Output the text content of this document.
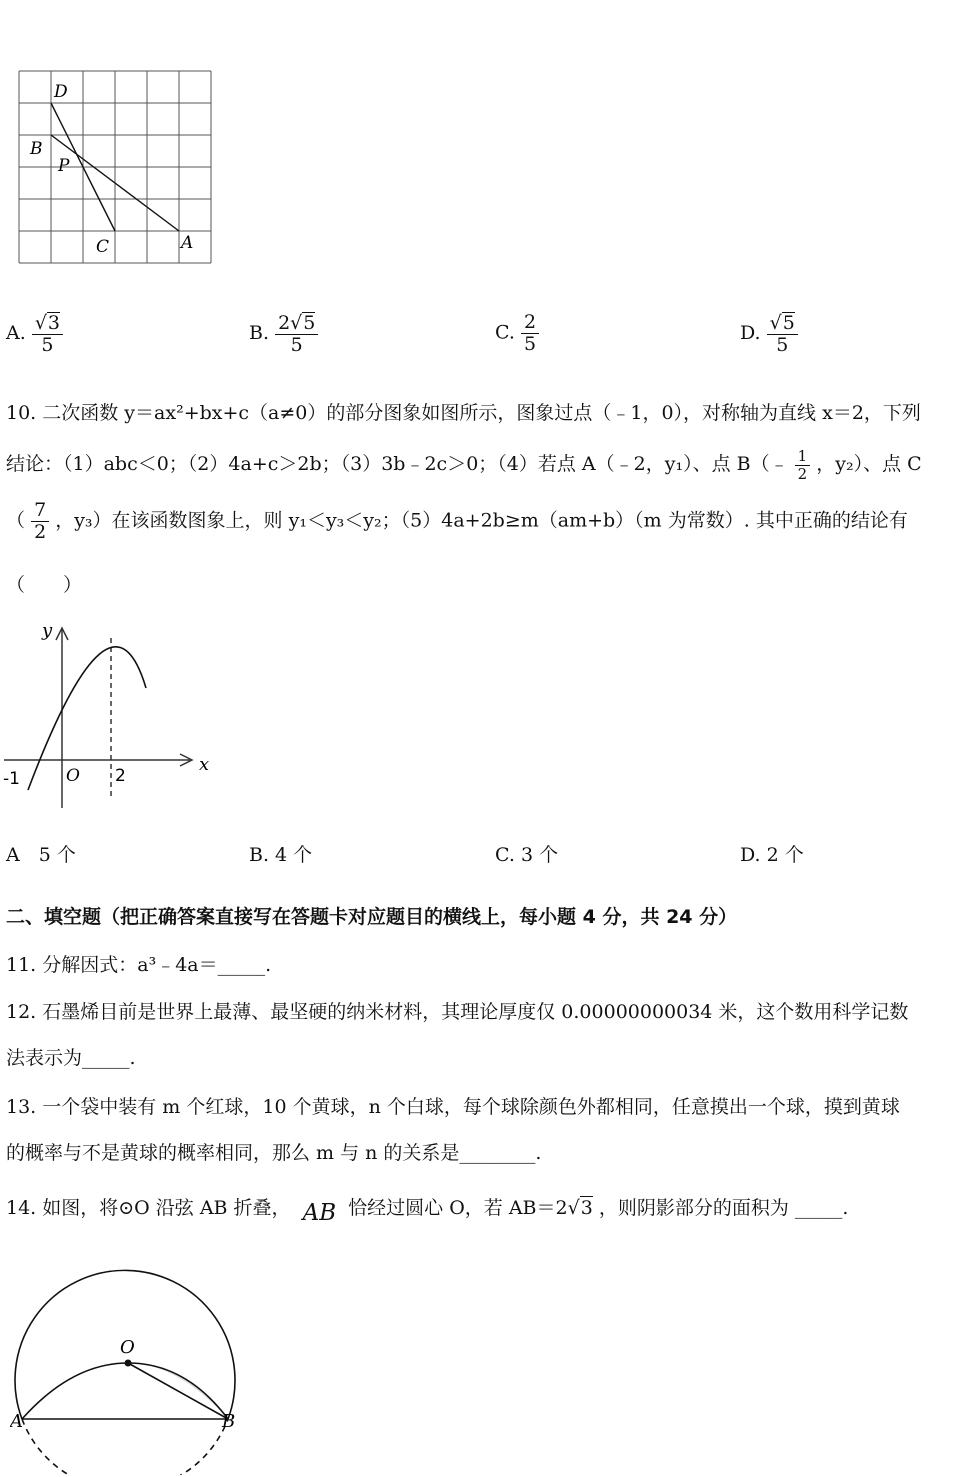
D
B
P
C	A
A. $\frac{√3}{5}$	B. $\frac{2√5}{5}$	C. $\frac{2}{5}$	D. $\frac{√5}{5}$
10. 二次函数 y＝ax²+bx+c（a≠0）的部分图象如图所示，图象过点（﹣1，0），对称轴为直线 x＝2，下列
结论：（1）abc＜0；（2）4a+c＞2b；（3）3b﹣2c＞0；（4）若点 A（﹣2，y₁）、点 B（﹣ $\frac{1}{2}$ ，y₂）、点 C
（ $\frac{7}{2}$ ，y₃）在该函数图象上，则 y₁＜y₃＜y₂；（5）4a+2b≥m（am+b）（m 为常数）. 其中正确的结论有
（　　）
y
x
-1	O 2
A　5 个	B. 4 个	C. 3 个	D. 2 个
二、填空题（把正确答案直接写在答题卡对应题目的横线上，每小题 4 分，共 24 分）
11. 分解因式：a³﹣4a＝_____.
12. 石墨烯目前是世界上最薄、最坚硬的纳米材料，其理论厚度仅 0.00000000034 米，这个数用科学记数
法表示为_____.
13. 一个袋中装有 m 个红球，10 个黄球，n 个白球，每个球除颜色外都相同，任意摸出一个球，摸到黄球
的概率与不是黄球的概率相同，那么 m 与 n 的关系是________.
14. 如图，将⊙O 沿弦 AB 折叠， AB 恰经过圆心 O，若 AB＝2√3 ，则阴影部分的面积为 _____.
O
A	B
